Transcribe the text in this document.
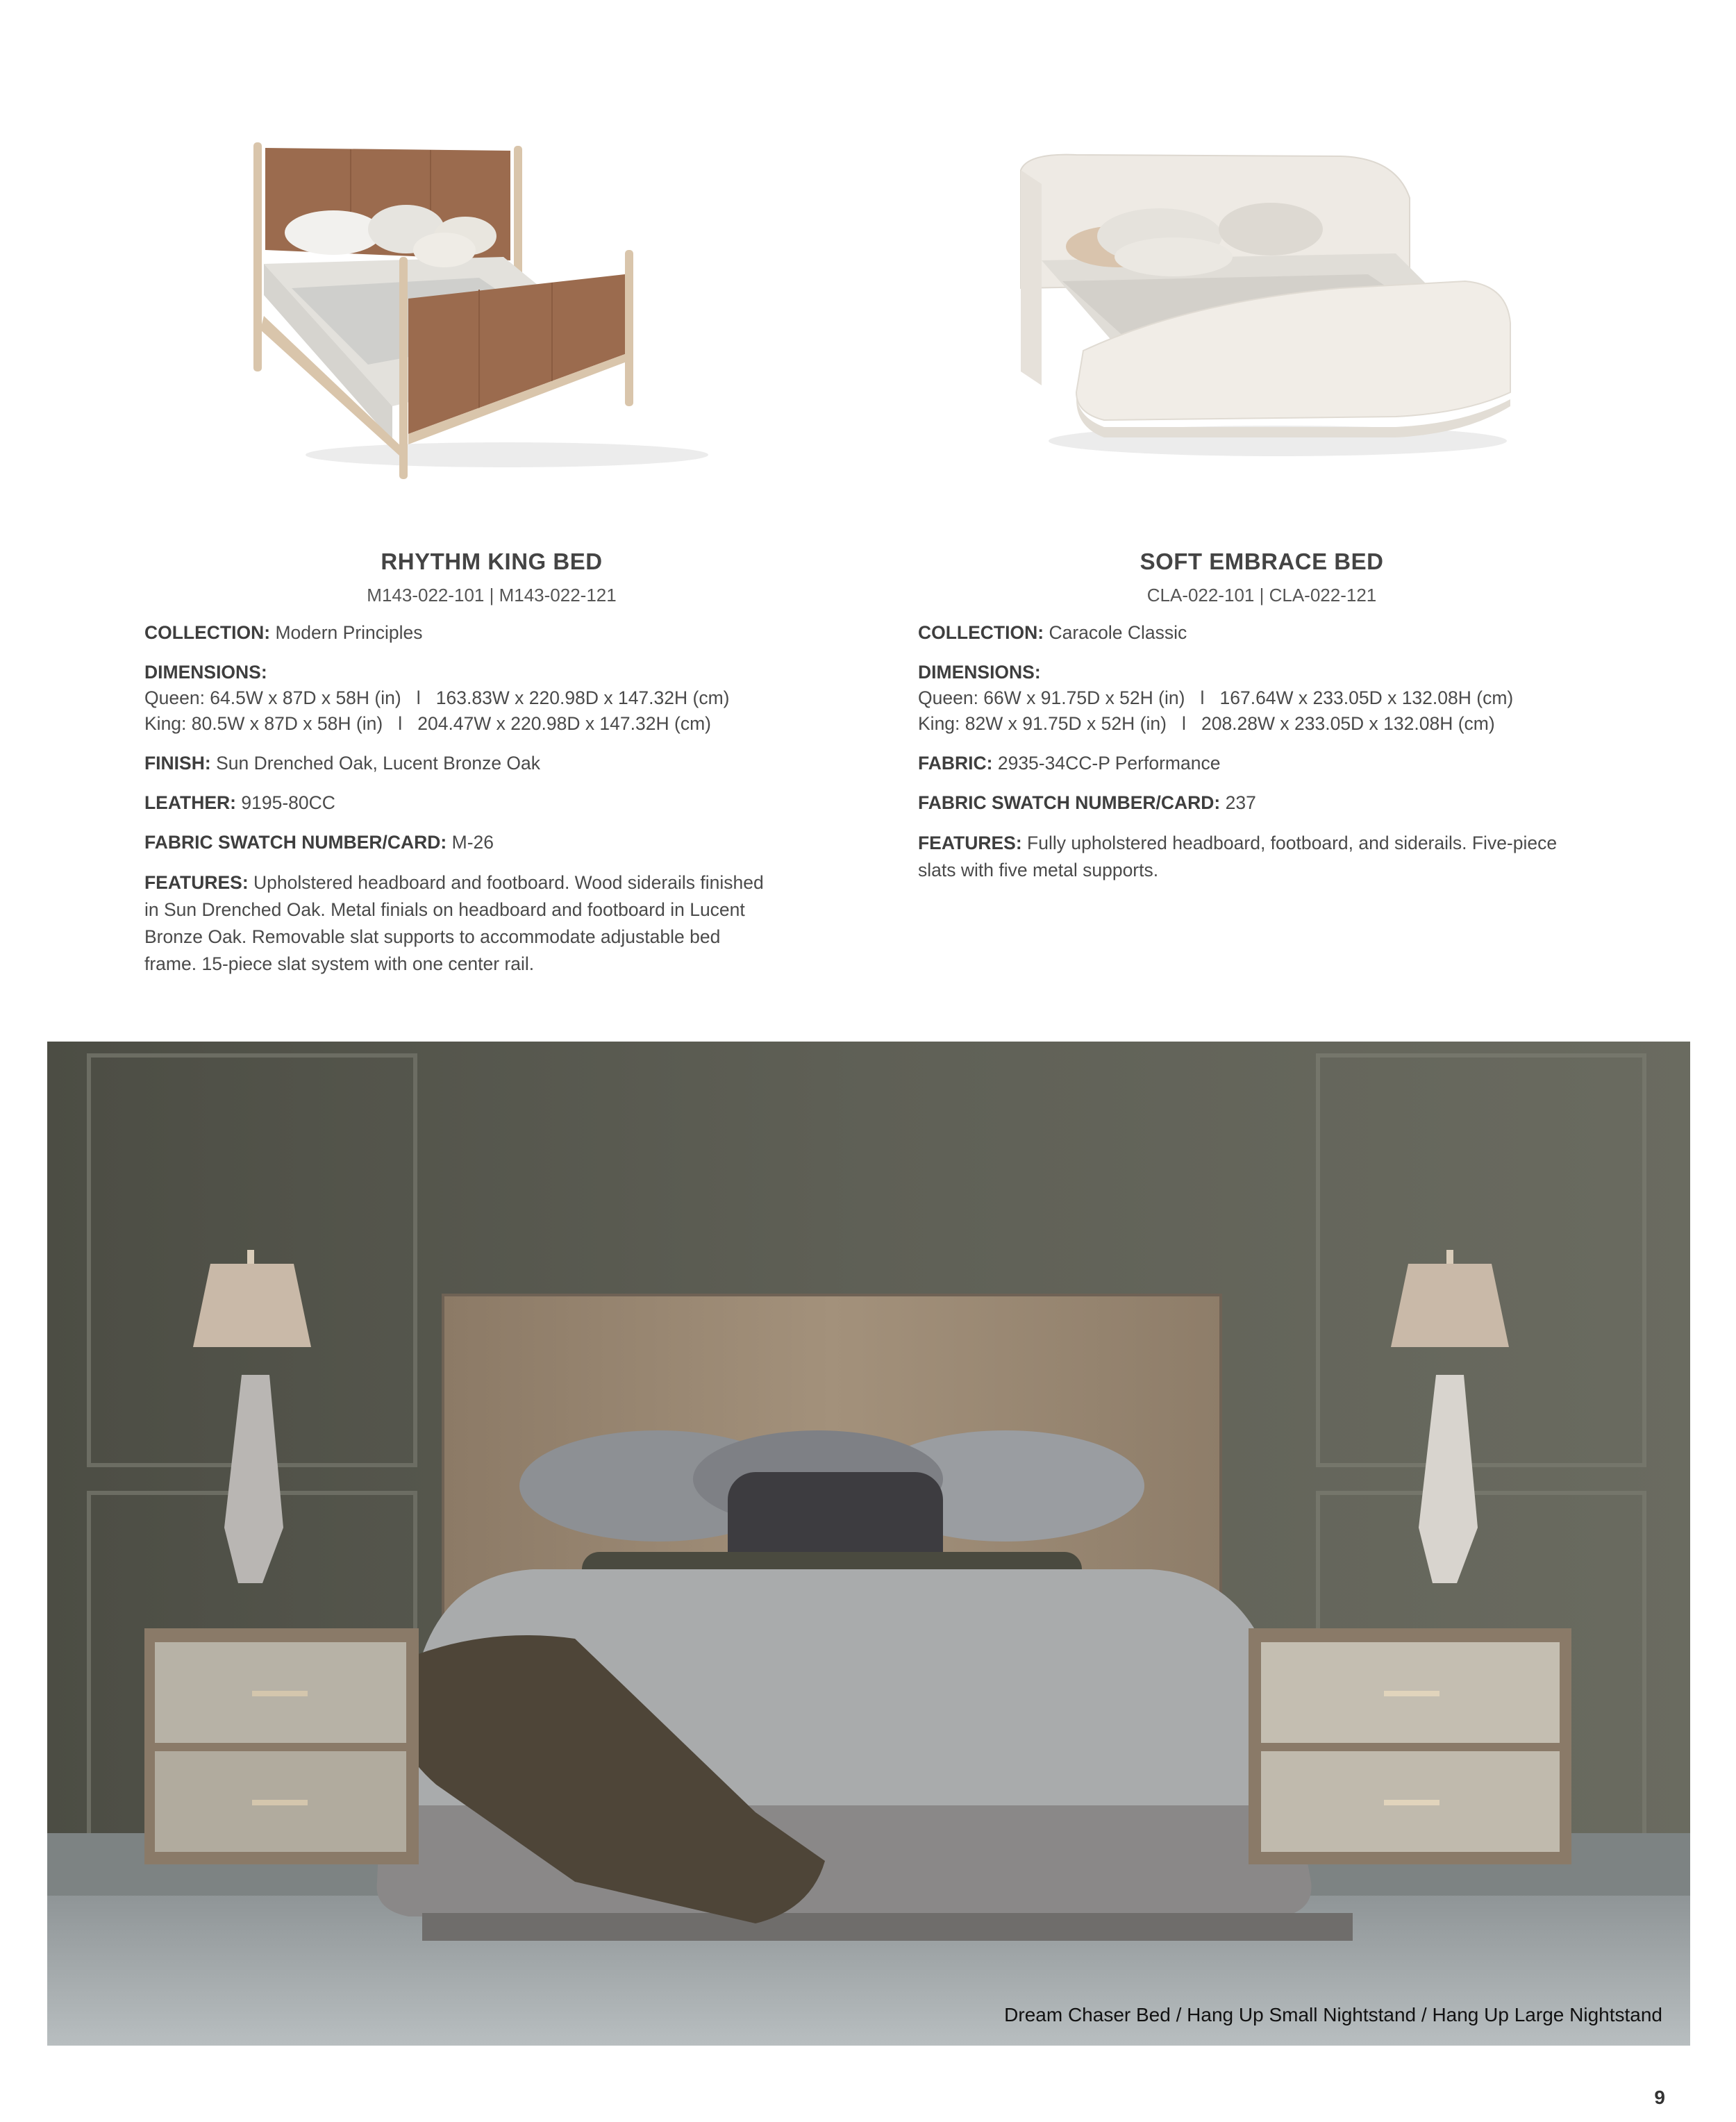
RHYTHM KING BED
M143-022-101 | M143-022-121
COLLECTION: Modern Principles
DIMENSIONS:
Queen: 64.5W x 87D x 58H (in)   l   163.83W x 220.98D x 147.32H (cm)
King: 80.5W x 87D x 58H (in)   l   204.47W x 220.98D x 147.32H (cm)
FINISH: Sun Drenched Oak, Lucent Bronze Oak
LEATHER: 9195-80CC
FABRIC SWATCH NUMBER/CARD: M-26
FEATURES: Upholstered headboard and footboard. Wood siderails finished
in Sun Drenched Oak. Metal finials on headboard and footboard in Lucent
Bronze Oak. Removable slat supports to accommodate adjustable bed
frame. 15-piece slat system with one center rail.
SOFT EMBRACE BED
CLA-022-101 | CLA-022-121
COLLECTION: Caracole Classic
DIMENSIONS:
Queen: 66W x 91.75D x 52H (in)   l   167.64W x 233.05D x 132.08H (cm)
King: 82W x 91.75D x 52H (in)   l   208.28W x 233.05D x 132.08H (cm)
FABRIC: 2935-34CC-P Performance
FABRIC SWATCH NUMBER/CARD: 237
FEATURES: Fully upholstered headboard, footboard, and siderails. Five-piece
slats with five metal supports.
Dream Chaser Bed / Hang Up Small Nightstand / Hang Up Large Nightstand
9
